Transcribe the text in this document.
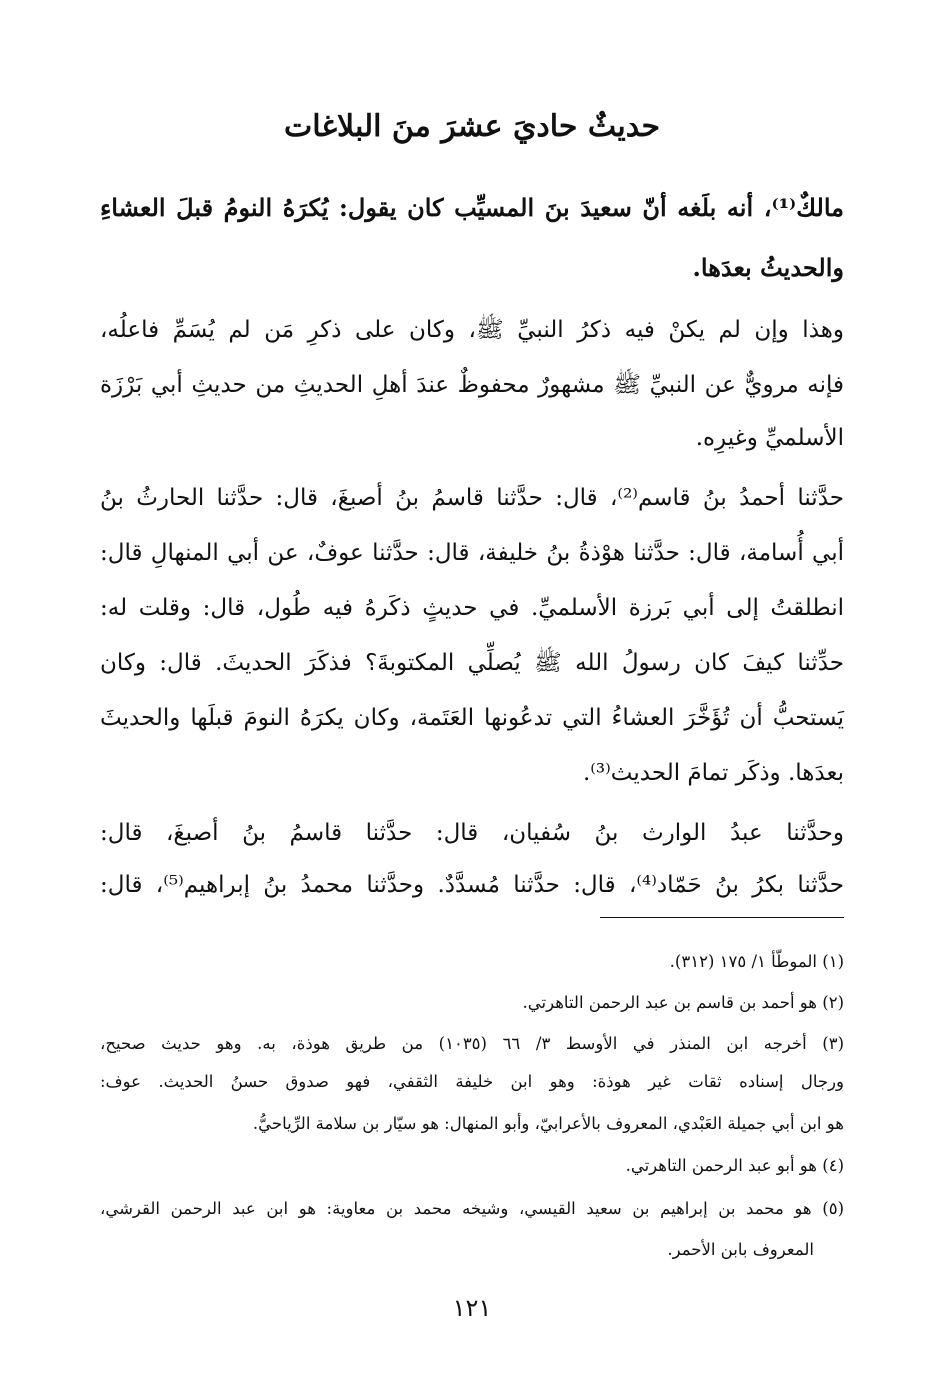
حديثٌ حاديَ عشرَ منَ البلاغات
مالكٌ⁽¹⁾، أنه بلَغه أنّ سعيدَ بنَ المسيِّب كان يقول: يُكرَهُ النومُ قبلَ العشاءِ
والحديثُ بعدَها.
وهذا وإن لم يكنْ فيه ذكرُ النبيِّ ﷺ، وكان على ذكرِ مَن لم يُسَمِّ فاعلُه،
فإنه مرويٌّ عن النبيِّ ﷺ مشهورٌ محفوظٌ عندَ أهلِ الحديثِ من حديثِ أبي بَرْزَة
الأسلميِّ وغيرِه.
حدَّثنا أحمدُ بنُ قاسم⁽²⁾، قال: حدَّثنا قاسمُ بنُ أصبغَ، قال: حدَّثنا الحارثُ بنُ
أبي أُسامة، قال: حدَّثنا هوْذةُ بنُ خليفة، قال: حدَّثنا عوفٌ، عن أبي المنهالِ قال:
انطلقتُ إلى أبي بَرزة الأسلميِّ. في حديثٍ ذكَرهُ فيه طُول، قال: وقلت له:
حدِّثنا كيفَ كان رسولُ الله ﷺ يُصلِّي المكتوبةَ؟ فذكَرَ الحديثَ. قال: وكان
يَستحبُّ أن تُؤَخَّرَ العشاءُ التي تدعُونها العَتَمة، وكان يكرَهُ النومَ قبلَها والحديثَ
بعدَها. وذكَر تمامَ الحديث⁽³⁾.
وحدَّثنا عبدُ الوارث بنُ سُفيان، قال: حدَّثنا قاسمُ بنُ أصبغَ، قال:
حدَّثنا بكرُ بنُ حَمّاد⁽⁴⁾، قال: حدَّثنا مُسدَّدٌ. وحدَّثنا محمدُ بنُ إبراهيم⁽⁵⁾، قال:
(١) الموطّأ ١/ ١٧٥ (٣١٢).
(٢) هو أحمد بن قاسم بن عبد الرحمن التاهرتي.
(٣) أخرجه ابن المنذر في الأوسط ٣/ ٦٦ (١٠٣٥) من طريق هوذة، به. وهو حديث صحيح،
ورجال إسناده ثقات غير هوذة: وهو ابن خليفة الثقفي، فهو صدوق حسنُ الحديث. عوف:
هو ابن أبي جميلة العَبْدي، المعروف بالأعرابيّ، وأبو المنهال: هو سيّار بن سلامة الرِّياحيُّ.
(٤) هو أبو عبد الرحمن التاهرتي.
(٥) هو محمد بن إبراهيم بن سعيد القيسي، وشيخه محمد بن معاوية: هو ابن عبد الرحمن القرشي،
المعروف بابن الأحمر.
١٢١
